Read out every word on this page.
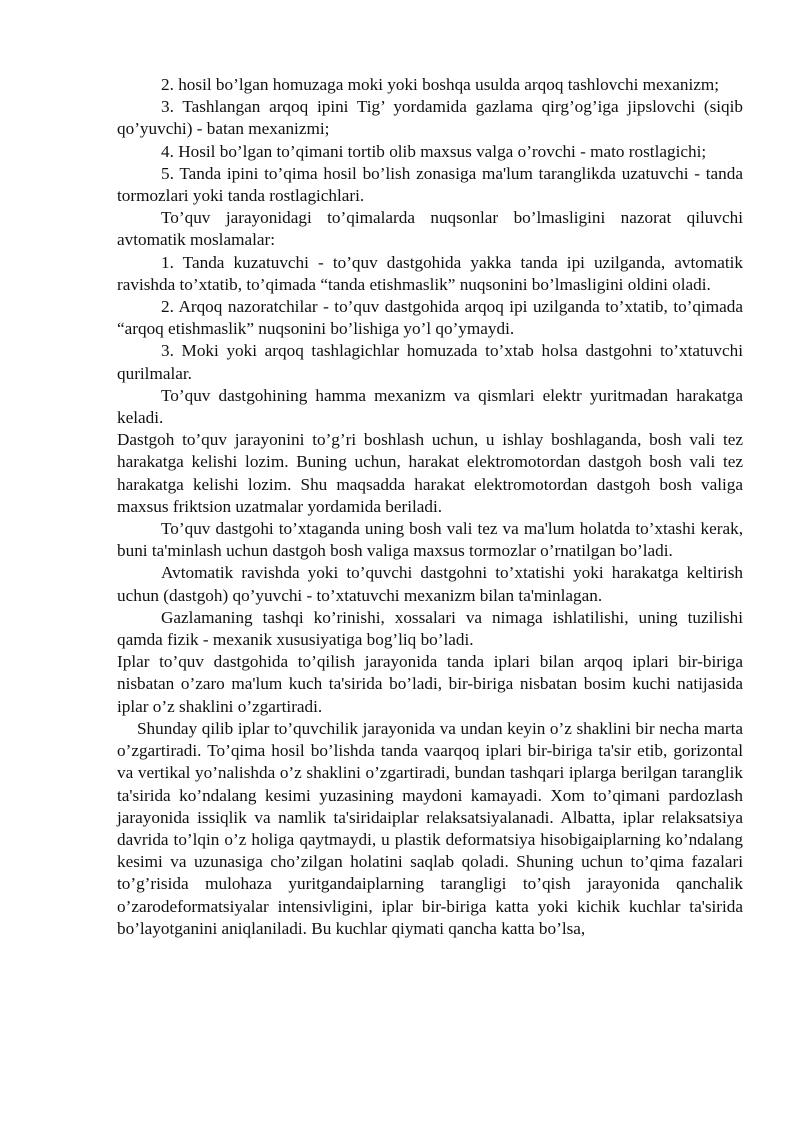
2. hosil bo’lgan homuzaga moki yoki boshqa usulda arqoq tashlovchi mexanizm;

3. Tashlangan arqoq ipini Tig’ yordamida gazlama qirg’og’iga jipslovchi (siqib qo’yuvchi) - batan mexanizmi;

4. Hosil bo’lgan to’qimani tortib olib maxsus valga o’rovchi - mato rostlagichi;

5. Tanda ipini to’qima hosil bo’lish zonasiga ma'lum taranglikda uzatuvchi - tanda tormozlari yoki tanda rostlagichlari.

To’quv jarayonidagi to’qimalarda nuqsonlar bo’lmasligini nazorat qiluvchi avtomatik moslamalar:

1. Tanda kuzatuvchi - to’quv dastgohida yakka tanda ipi uzilganda, avtomatik ravishda to’xtatib, to’qimada “tanda etishmaslik” nuqsonini bo’lmasligini oldini oladi.

2. Arqoq nazoratchilar - to’quv dastgohida arqoq ipi uzilganda to’xtatib, to’qimada “arqoq etishmaslik” nuqsonini bo’lishiga yo’l qo’ymaydi.

3. Moki yoki arqoq tashlagichlar homuzada to’xtab holsa dastgohni to’xtatuvchi qurilmalar.

To’quv dastgohining hamma mexanizm va qismlari elektr yuritmadan harakatga keladi.

Dastgoh to’quv jarayonini to’g’ri boshlash uchun, u ishlay boshlaganda, bosh vali tez harakatga kelishi lozim. Buning uchun, harakat elektromotordan dastgoh bosh vali tez harakatga kelishi lozim. Shu maqsadda harakat elektromotordan dastgoh bosh valiga maxsus friktsion uzatmalar yordamida beriladi.

To’quv dastgohi to’xtaganda uning bosh vali tez va ma'lum holatda to’xtashi kerak, buni ta'minlash uchun dastgoh bosh valiga maxsus tormozlar o’rnatilgan bo’ladi.

Avtomatik ravishda yoki to’quvchi dastgohni to’xtatishi yoki harakatga keltirish uchun (dastgoh) qo’yuvchi - to’xtatuvchi mexanizm bilan ta'minlagan.

Gazlamaning tashqi ko’rinishi, xossalari va nimaga ishlatilishi, uning tuzilishi qamda fizik - mexanik xususiyatiga bog’liq bo’ladi.

Iplar to’quv dastgohida to’qilish jarayonida tanda iplari bilan arqoq iplari bir-biriga nisbatan o’zaro ma'lum kuch ta'sirida bo’ladi, bir-biriga nisbatan bosim kuchi natijasida iplar o’z shaklini o’zgartiradi.

Shunday qilib iplar to’quvchilik jarayonida va undan keyin o’z shaklini bir necha marta o’zgartiradi. To’qima hosil bo’lishda tanda vaarqoq iplari bir-biriga ta'sir etib, gorizontal va vertikal yo’nalishda o’z shaklini o’zgartiradi, bundan tashqari iplarga berilgan taranglik ta'sirida ko’ndalang kesimi yuzasining maydoni kamayadi. Xom to’qimani pardozlash jarayonida issiqlik va namlik ta'siridaiplar relaksatsiyalanadi. Albatta, iplar relaksatsiya davrida to’lqin o’z holiga qaytmaydi, u plastik deformatsiya hisobigaiplarning ko’ndalang kesimi va uzunasiga cho’zilgan holatini saqlab qoladi. Shuning uchun to’qima fazalari to’g’risida mulohaza yuritgandaiplarning tarangligi to’qish jarayonida qanchalik o’zarodeformatsiyalar intensivligini, iplar bir-biriga katta yoki kichik kuchlar ta'sirida bo’layotganini aniqlaniladi. Bu kuchlar qiymati qancha katta bo’lsa,
